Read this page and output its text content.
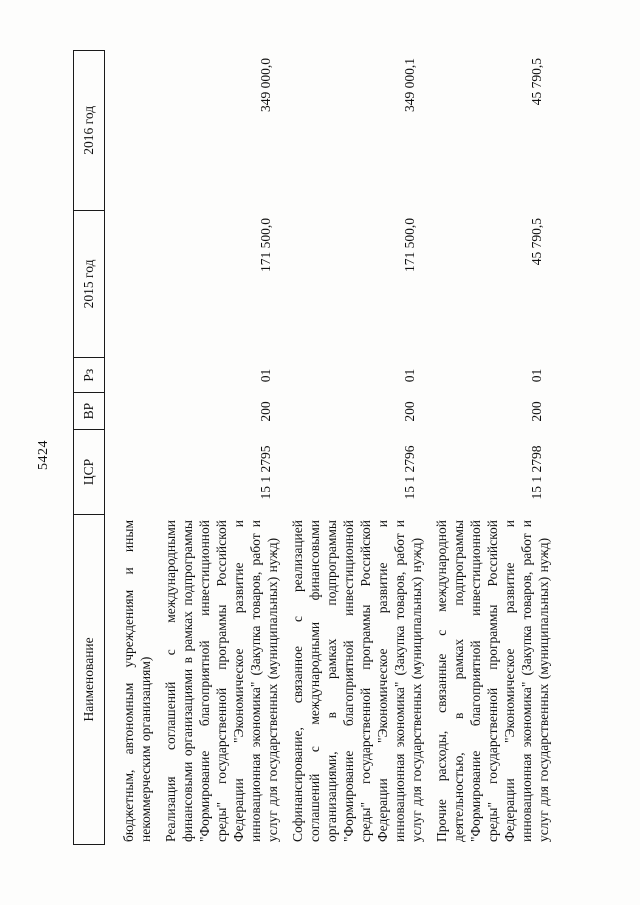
5424
Наименование
ЦСР
ВР
Рз
2015 год
2016 год
бюджетным, автономным учреждениям и иным некоммерческим организациям) Реализация соглашений с международными финансовыми организациями в рамках подпрограммы "Формирование благоприятной инвестиционной среды" государственной программы Российской Федерации "Экономическое развитие и инновационная экономика" (Закупка товаров, работ и услуг для государственных (муниципальных) нужд)
15 1 2795
200
01
171 500,0
349 000,0
Софинансирование, связанное с реализацией соглашений с международными финансовыми организациями, в рамках подпрограммы "Формирование благоприятной инвестиционной среды" государственной программы Российской Федерации "Экономическое развитие и инновационная экономика" (Закупка товаров, работ и услуг для государственных (муниципальных) нужд)
15 1 2796
200
01
171 500,0
349 000,1
Прочие расходы, связанные с международной деятельностью, в рамках подпрограммы "Формирование благоприятной инвестиционной среды" государственной программы Российской Федерации "Экономическое развитие и инновационная экономика" (Закупка товаров, работ и услуг для государственных (муниципальных) нужд)
15 1 2798
200
01
45 790,5
45 790,5
